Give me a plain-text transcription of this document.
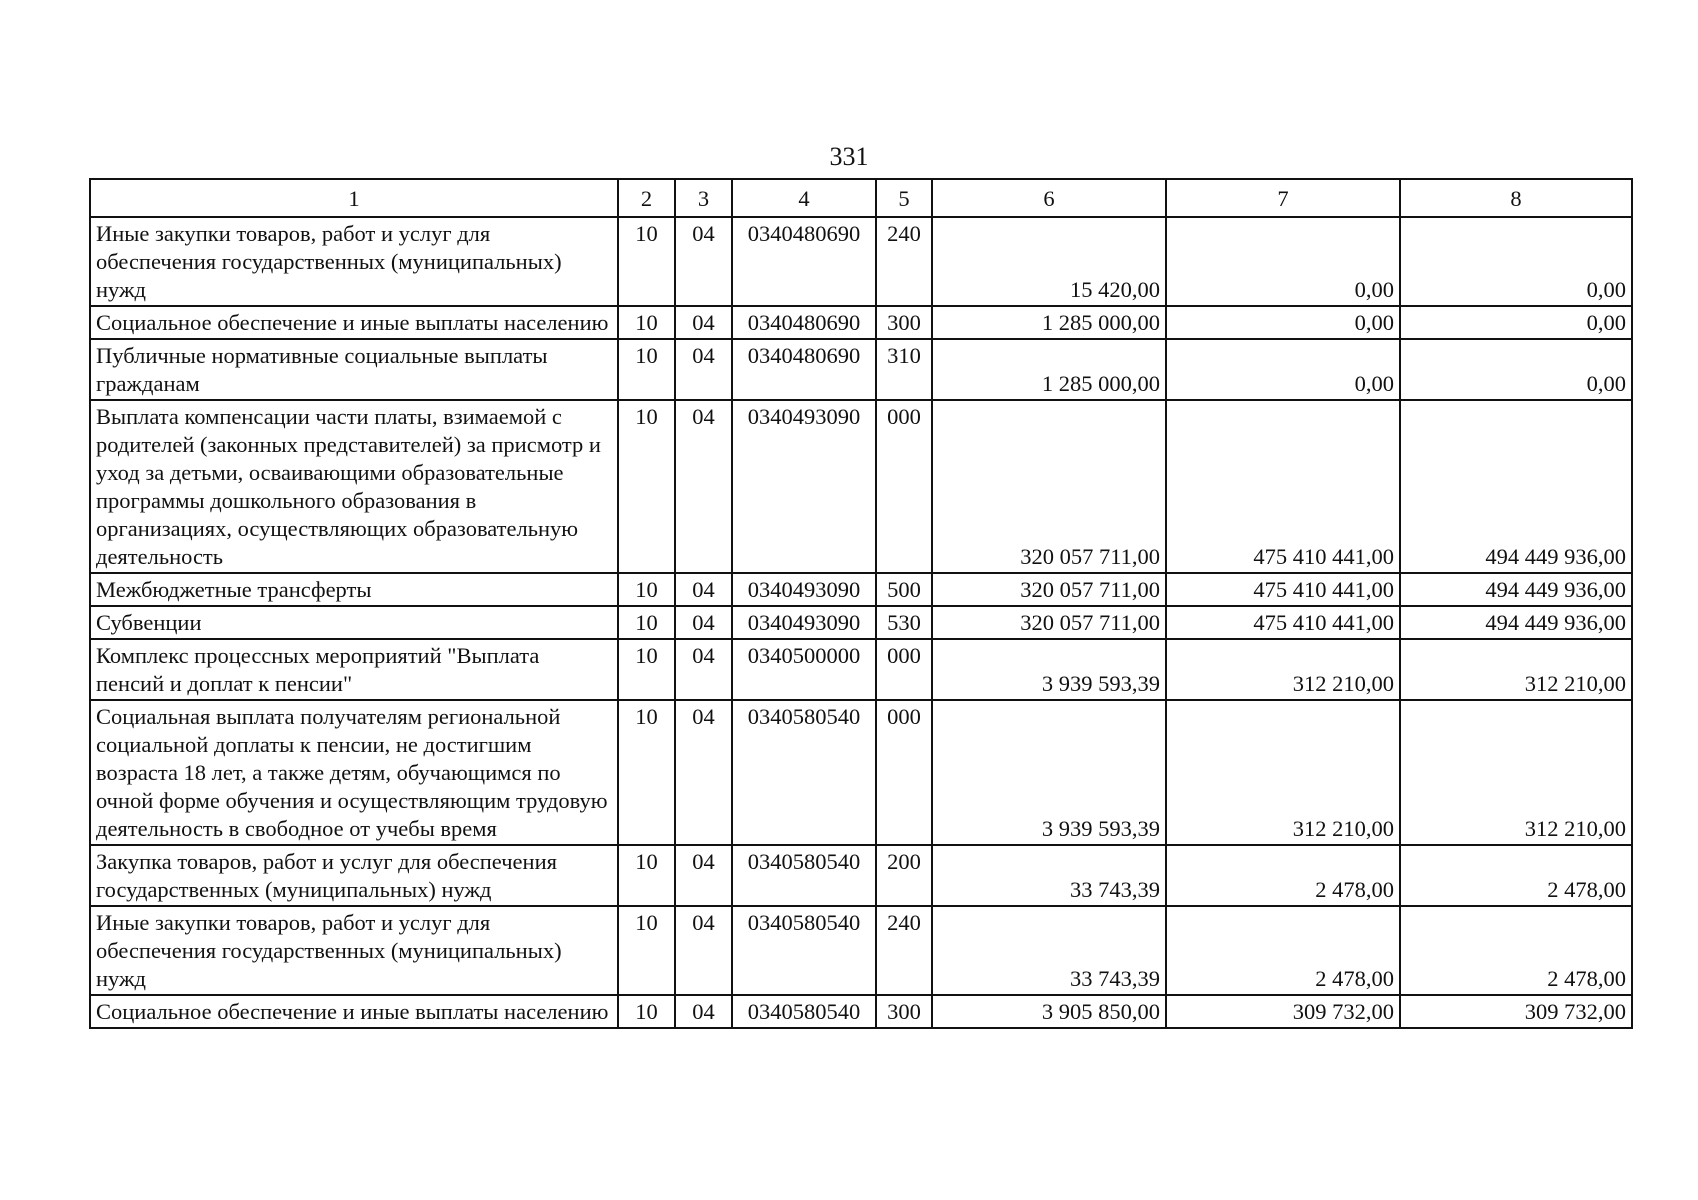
331
1	2	3	4	5	6	7	8
Иные закупки товаров, работ и услуг для обеспечения государственных (муниципальных) нужд	10	04	0340480690	240	15 420,00	0,00	0,00
Социальное обеспечение и иные выплаты населению	10	04	0340480690	300	1 285 000,00	0,00	0,00
Публичные нормативные социальные выплаты гражданам	10	04	0340480690	310	1 285 000,00	0,00	0,00
Выплата компенсации части платы, взимаемой с родителей (законных представителей) за присмотр и уход за детьми, осваивающими образовательные программы дошкольного образования в организациях, осуществляющих образовательную деятельность	10	04	0340493090	000	320 057 711,00	475 410 441,00	494 449 936,00
Межбюджетные трансферты	10	04	0340493090	500	320 057 711,00	475 410 441,00	494 449 936,00
Субвенции	10	04	0340493090	530	320 057 711,00	475 410 441,00	494 449 936,00
Комплекс процессных мероприятий "Выплата пенсий и доплат к пенсии"	10	04	0340500000	000	3 939 593,39	312 210,00	312 210,00
Социальная выплата получателям региональной социальной доплаты к пенсии, не достигшим возраста 18 лет, а также детям, обучающимся по очной форме обучения и осуществляющим трудовую деятельность в свободное от учебы время	10	04	0340580540	000	3 939 593,39	312 210,00	312 210,00
Закупка товаров, работ и услуг для обеспечения государственных (муниципальных) нужд	10	04	0340580540	200	33 743,39	2 478,00	2 478,00
Иные закупки товаров, работ и услуг для обеспечения государственных (муниципальных) нужд	10	04	0340580540	240	33 743,39	2 478,00	2 478,00
Социальное обеспечение и иные выплаты населению	10	04	0340580540	300	3 905 850,00	309 732,00	309 732,00
